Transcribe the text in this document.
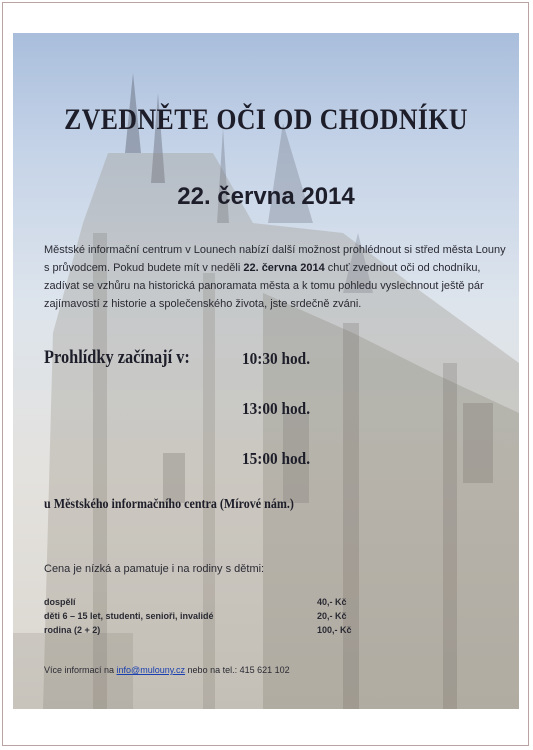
ZVEDNĚTE OČI OD CHODNÍKU
22. června 2014
Městské informační centrum v Lounech nabízí další možnost prohlédnout si střed města Louny s průvodcem. Pokud budete mít v neděli 22. června 2014 chuť zvednout oči od chodníku, zadívat se vzhůru na historická panoramata města a k tomu pohledu vyslechnout ještě pár zajímavostí z historie a společenského života, jste srdečně zváni.
Prohlídky začínají v:	10:30 hod.
13:00 hod.
15:00 hod.
u Městského informačního centra (Mírové nám.)
Cena je nízká a pamatuje i na rodiny s dětmi:
dospělí	40,- Kč
děti 6 – 15 let, studenti, senioři, invalidé	20,- Kč
rodina (2 + 2)	100,- Kč
Více informací na info@mulouny.cz nebo na tel.: 415 621 102
